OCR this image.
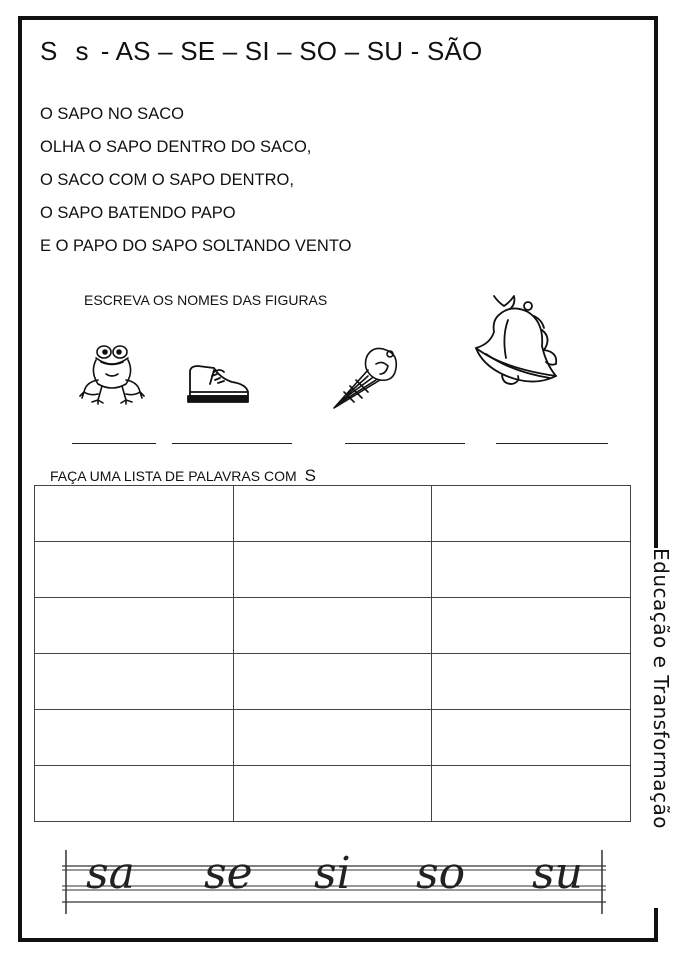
S s - AS – SE – SI – SO – SU - SÃO
O SAPO NO SACO
OLHA O SAPO DENTRO DO SACO,
O SACO COM O SAPO DENTRO,
O SAPO BATENDO PAPO
E O PAPO DO SAPO SOLTANDO VENTO
ESCREVA OS NOMES DAS FIGURAS
FAÇA UMA LISTA DE PALAVRAS COM S

Educação e Transformação
sa se si so su
